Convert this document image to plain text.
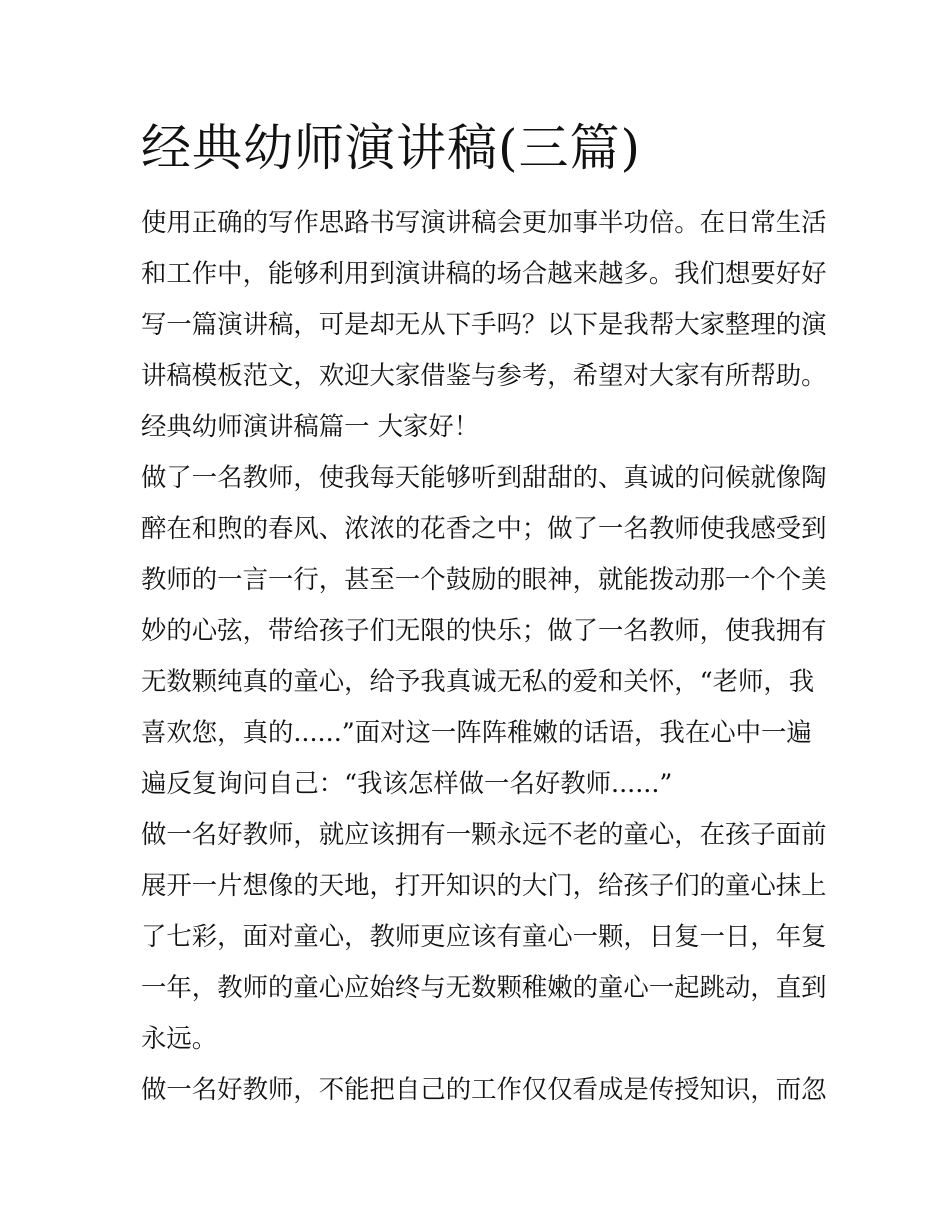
经典幼师演讲稿(三篇)

使用正确的写作思路书写演讲稿会更加事半功倍。在日常生活

和工作中，能够利用到演讲稿的场合越来越多。我们想要好好

写一篇演讲稿，可是却无从下手吗？以下是我帮大家整理的演

讲稿模板范文，欢迎大家借鉴与参考，希望对大家有所帮助。

经典幼师演讲稿篇一 大家好！

做了一名教师，使我每天能够听到甜甜的、真诚的问候就像陶

醉在和煦的春风、浓浓的花香之中；做了一名教师使我感受到

教师的一言一行，甚至一个鼓励的眼神，就能拨动那一个个美

妙的心弦，带给孩子们无限的快乐；做了一名教师，使我拥有

无数颗纯真的童心，给予我真诚无私的爱和关怀，“老师，我

喜欢您，真的......”面对这一阵阵稚嫩的话语，我在心中一遍

遍反复询问自己：“我该怎样做一名好教师......”

做一名好教师，就应该拥有一颗永远不老的童心，在孩子面前

展开一片想像的天地，打开知识的大门，给孩子们的童心抹上

了七彩，面对童心，教师更应该有童心一颗，日复一日，年复

一年，教师的童心应始终与无数颗稚嫩的童心一起跳动，直到

永远。

做一名好教师，不能把自己的工作仅仅看成是传授知识，而忽
